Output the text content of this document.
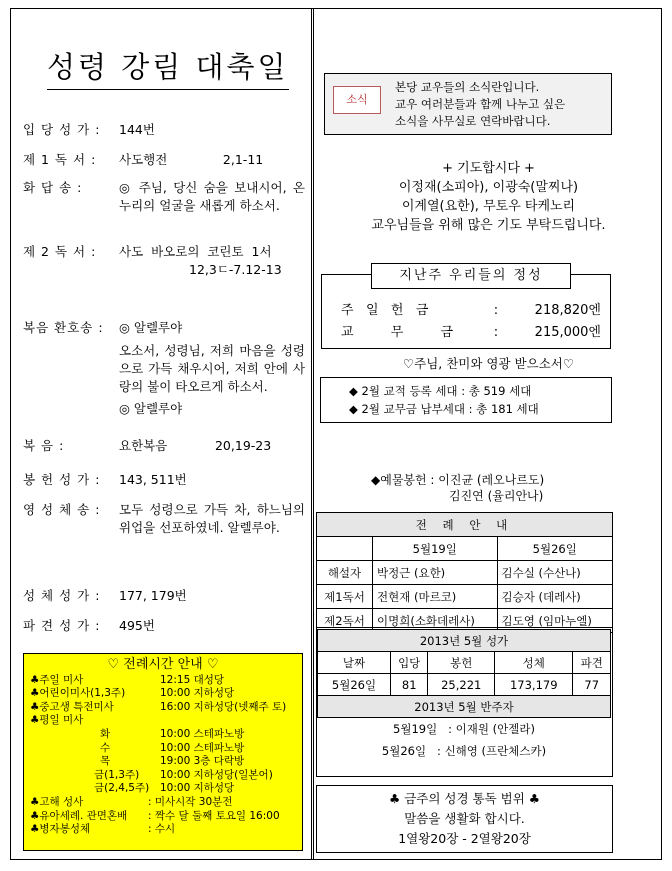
성령 강림 대축일
입 당 성 가 :	144번
제 1 독 서 :	사도행전              2,1-11
화 답 송 :	◎ 주님, 당신 숨을 보내시어, 온 누리의 얼굴을 새롭게 하소서.
제 2 독 서 :	사도  바오로의  코린토  1서
12,3ㄷ-7.12-13
복음 환호송 :	◎ 알렐루야
오소서, 성령님, 저희 마음을 성령으로 가득 채우시어, 저희 안에 사랑의 불이 타오르게 하소서.
◎ 알렐루야
복 음 :	요한복음            20,19-23
봉 헌 성 가 :	143, 511번
영 성 체 송 :	모두 성령으로 가득 차, 하느님의 위업을 선포하였네. 알렐루야.
성 체 성 가 :	177, 179번
파 견 성 가 :	495번
♡ 전례시간 안내 ♡
♣주일 미사	12:15 대성당
♣어린이미사(1,3주)	10:00 지하성당
♣중고생 특전미사	16:00 지하성당(넷째주 토)
♣평일 미사
화	10:00 스테파노방
수	10:00 스테파노방
목	19:00 3층 다락방
금(1,3주)	10:00 지하성당(일본어)
금(2,4,5주)	10:00 지하성당
♣고해 성사	: 미사시작 30분전
♣유아세례. 관면혼배	: 짝수 달 둘째 토요일 16:00
♣병자봉성체	: 수시
소식
본당 교우들의 소식란입니다.
교우 여러분들과 함께 나누고 싶은
소식을 사무실로 연락바랍니다.
+ 기도합시다 +
이정재(소피아), 이광숙(말찌나)
이계열(요한), 무토우 타케노리
교우님들을 위해 많은 기도 부탁드립니다.
지난주 우리들의 정성
주   일   헌   금	:	218,820엔
교         무         금	:	215,000엔
♡주님, 찬미와 영광 받으소서♡
◆ 2월 교적 등록 세대 : 총 519 세대
◆ 2월 교무금 납부세대 : 총 181 세대
◆예물봉헌 : 이진균 (레오나르도)
김진연 (율리안나)
전 례 안 내		
	5월19일	5월26일
해설자	박정근 (요한)	김수실 (수산나)
제1독서	전현재 (마르코)	김승자 (데레사)
제2독서	이명희(소화데레사)	김도영 (임마누엘)
2013년 5월 성가				
날짜	입당	봉헌	성체	파견
5월26일	81	25,221	173,179	77
2013년 5월 반주자				
5월19일   : 이재원 (안젤라)				
5월26일   : 신해영 (프란체스카)				
♣ 금주의 성경 통독 범위 ♣
말씀을 생활화 합시다.
1열왕20장 - 2열왕20장
